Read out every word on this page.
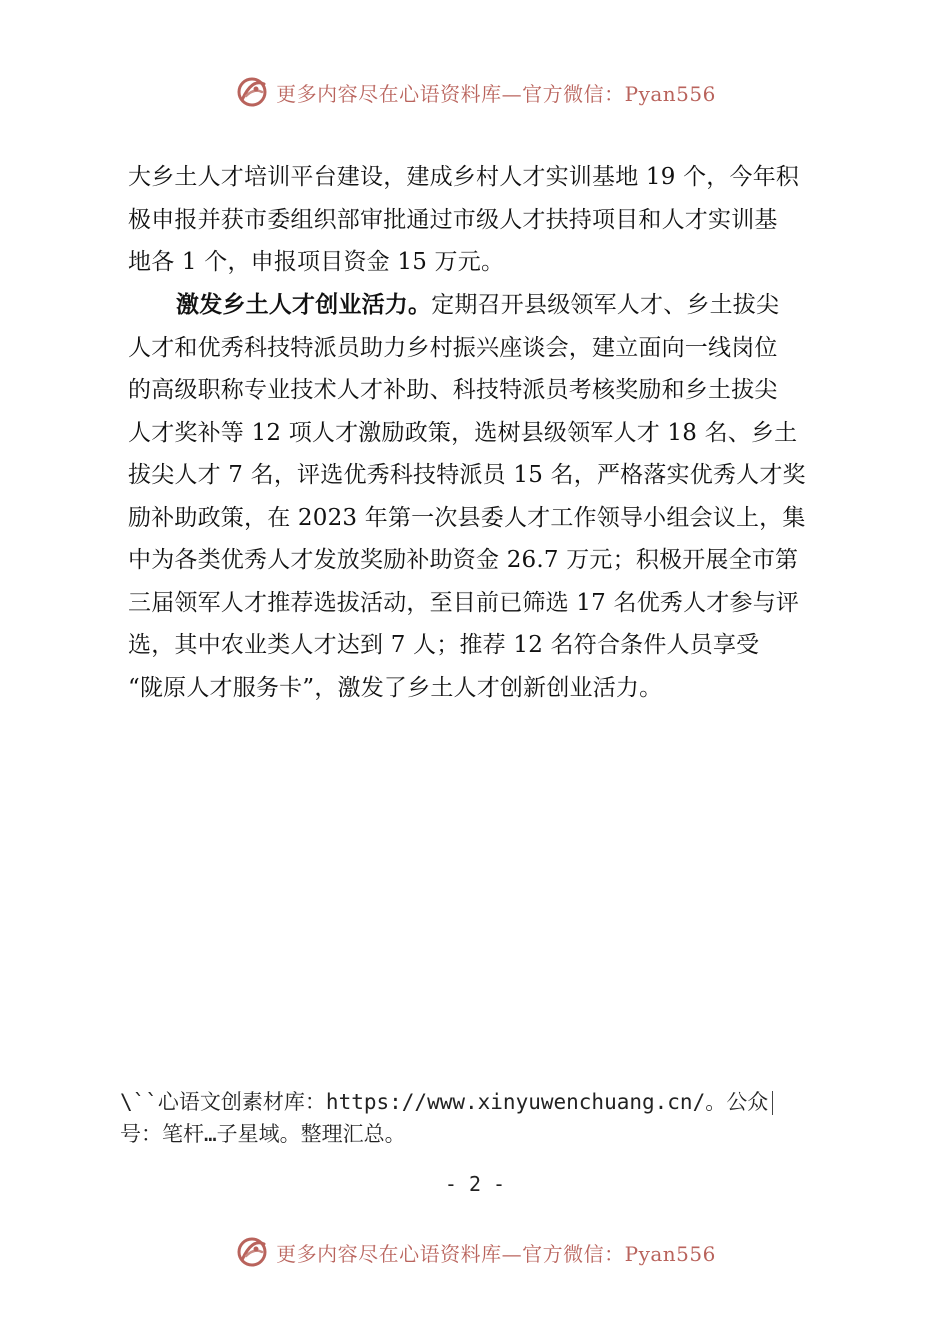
更多内容尽在心语资料库—官方微信：Pyan556
大乡土人才培训平台建设，建成乡村人才实训基地 19 个，今年积
极申报并获市委组织部审批通过市级人才扶持项目和人才实训基
地各 1 个，申报项目资金 15 万元。
激发乡土人才创业活力。定期召开县级领军人才、乡土拔尖
人才和优秀科技特派员助力乡村振兴座谈会，建立面向一线岗位
的高级职称专业技术人才补助、科技特派员考核奖励和乡土拔尖
人才奖补等 12 项人才激励政策，选树县级领军人才 18 名、乡土
拔尖人才 7 名，评选优秀科技特派员 15 名，严格落实优秀人才奖
励补助政策，在 2023 年第一次县委人才工作领导小组会议上，集
中为各类优秀人才发放奖励补助资金 26.7 万元；积极开展全市第
三届领军人才推荐选拔活动，至目前已筛选 17 名优秀人才参与评
选，其中农业类人才达到 7 人；推荐 12 名符合条件人员享受
“陇原人才服务卡”，激发了乡土人才创新创业活力。
\``心语文创素材库：https://www.xinyuwenchuang.cn/。公众
号：笔杆…子星域。整理汇总。
- 2 -
更多内容尽在心语资料库—官方微信：Pyan556
